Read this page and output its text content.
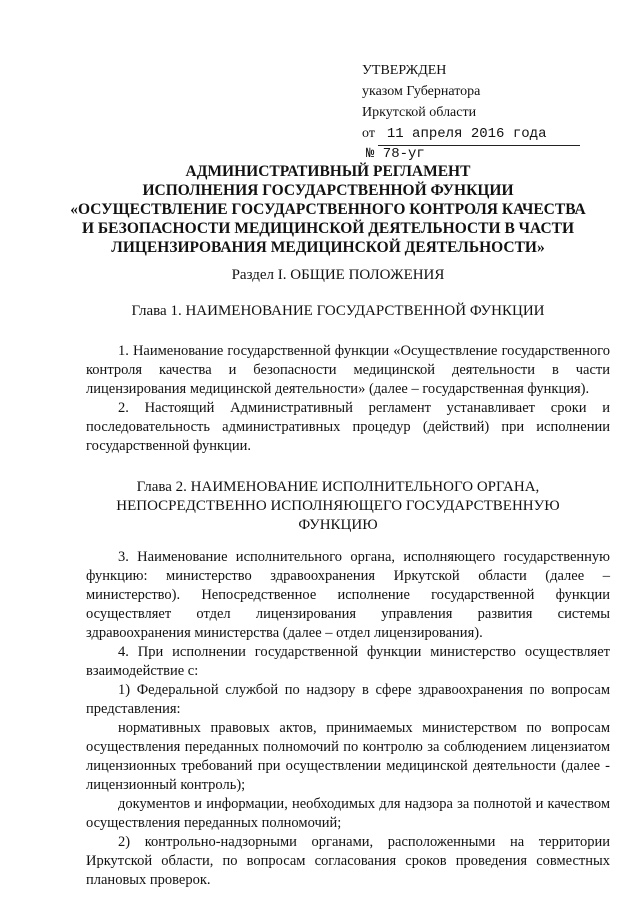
УТВЕРЖДЕН
указом Губернатора
Иркутской области
от 11 апреля 2016 года
№ 78-уг
АДМИНИСТРАТИВНЫЙ РЕГЛАМЕНТ
ИСПОЛНЕНИЯ ГОСУДАРСТВЕННОЙ ФУНКЦИИ
«ОСУЩЕСТВЛЕНИЕ ГОСУДАРСТВЕННОГО КОНТРОЛЯ КАЧЕСТВА
И БЕЗОПАСНОСТИ МЕДИЦИНСКОЙ ДЕЯТЕЛЬНОСТИ В ЧАСТИ
ЛИЦЕНЗИРОВАНИЯ МЕДИЦИНСКОЙ ДЕЯТЕЛЬНОСТИ»
Раздел I. ОБЩИЕ ПОЛОЖЕНИЯ
Глава 1. НАИМЕНОВАНИЕ ГОСУДАРСТВЕННОЙ ФУНКЦИИ

1. Наименование государственной функции «Осуществление государственного контроля качества и безопасности медицинской деятельности в части лицензирования медицинской деятельности» (далее – государственная функция).

2. Настоящий Административный регламент устанавливает сроки и последовательность административных процедур (действий) при исполнении государственной функции.

Глава 2. НАИМЕНОВАНИЕ ИСПОЛНИТЕЛЬНОГО ОРГАНА,
НЕПОСРЕДСТВЕННО ИСПОЛНЯЮЩЕГО ГОСУДАРСТВЕННУЮ
ФУНКЦИЮ

3. Наименование исполнительного органа, исполняющего государственную функцию: министерство здравоохранения Иркутской области (далее – министерство). Непосредственное исполнение государственной функции осуществляет отдел лицензирования управления развития системы здравоохранения министерства (далее – отдел лицензирования).

4. При исполнении государственной функции министерство осуществляет взаимодействие с:

1) Федеральной службой по надзору в сфере здравоохранения по вопросам представления:

нормативных правовых актов, принимаемых министерством по вопросам осуществления переданных полномочий по контролю за соблюдением лицензиатом лицензионных требований при осуществлении медицинской деятельности (далее - лицензионный контроль);

документов и информации, необходимых для надзора за полнотой и качеством осуществления переданных полномочий;

2) контрольно-надзорными органами, расположенными на территории Иркутской области, по вопросам согласования сроков проведения совместных плановых проверок.
